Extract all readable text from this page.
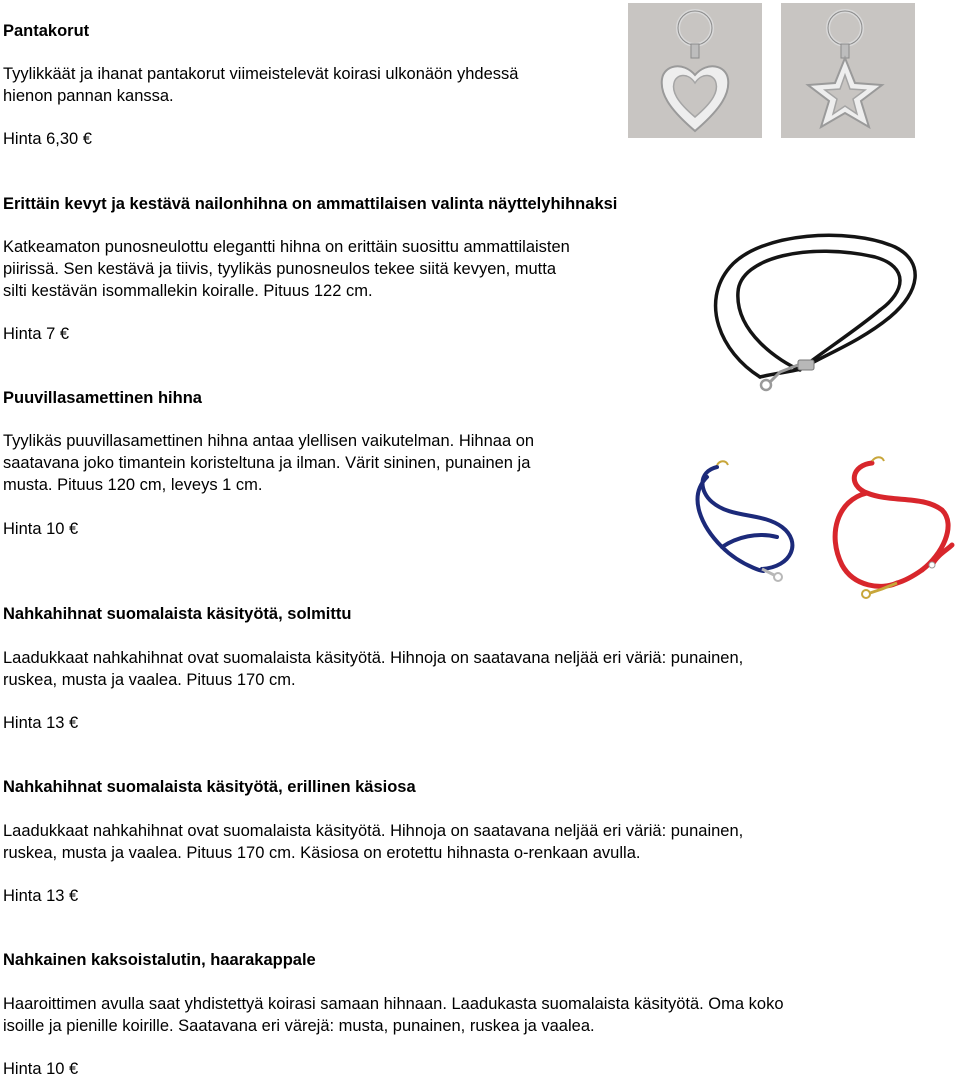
Pantakorut
Tyylikkäät ja ihanat pantakorut viimeistelevät koirasi ulkonäön yhdessä
hienon pannan kanssa.
Hinta 6,30 €
Erittäin kevyt ja kestävä nailonhihna on ammattilaisen valinta näyttelyhihnaksi
Katkeamaton punosneulottu elegantti hihna on erittäin suosittu ammattilaisten
piirissä. Sen kestävä ja tiivis, tyylikäs punosneulos tekee siitä kevyen, mutta
silti kestävän isommallekin koiralle. Pituus 122 cm.
Hinta 7 €
Puuvillasamettinen hihna
Tyylikäs puuvillasamettinen hihna antaa ylellisen vaikutelman. Hihnaa on
saatavana joko timantein koristeltuna ja ilman. Värit sininen, punainen ja
musta. Pituus 120 cm, leveys 1 cm.
Hinta 10 €
Nahkahihnat suomalaista käsityötä, solmittu
Laadukkaat nahkahihnat ovat suomalaista käsityötä. Hihnoja on saatavana neljää eri väriä: punainen,
ruskea, musta ja vaalea. Pituus 170 cm.
Hinta 13 €
Nahkahihnat suomalaista käsityötä, erillinen käsiosa
Laadukkaat nahkahihnat ovat suomalaista käsityötä. Hihnoja on saatavana neljää eri väriä: punainen,
ruskea, musta ja vaalea. Pituus 170 cm. Käsiosa on erotettu hihnasta o-renkaan avulla.
Hinta 13 €
Nahkainen kaksoistalutin, haarakappale
Haaroittimen avulla saat yhdistettyä koirasi samaan hihnaan. Laadukasta suomalaista käsityötä. Oma koko
isoille ja pienille koirille. Saatavana eri värejä: musta, punainen, ruskea ja vaalea.
Hinta 10 €
